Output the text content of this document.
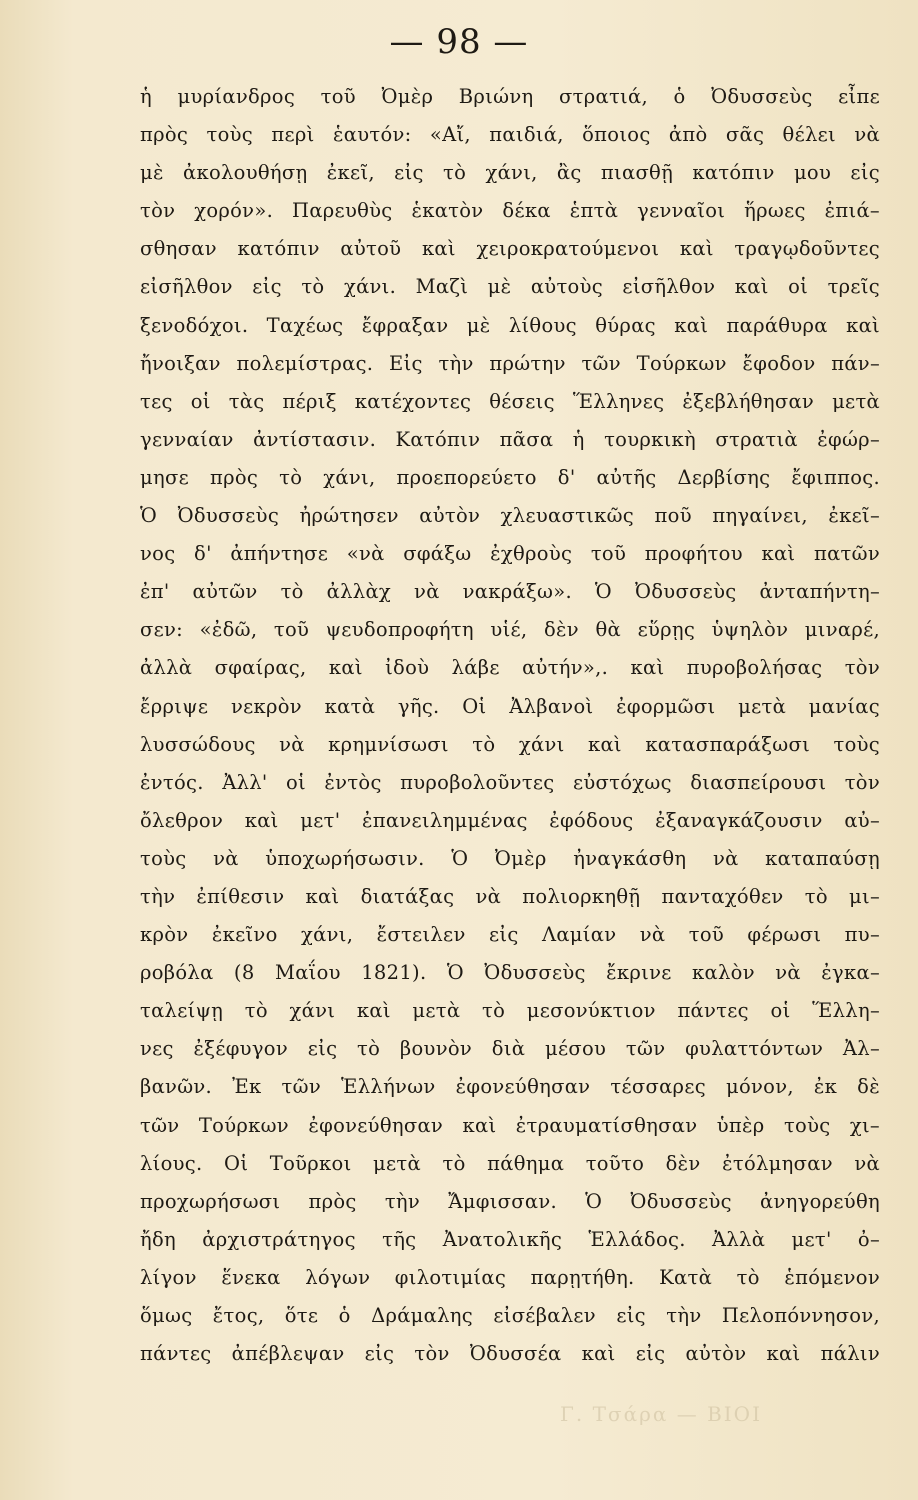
— 98 —
ἡ μυρίανδρος τοῦ Ὀμὲρ Βριώνη στρατιά, ὁ Ὀδυσσεὺς εἶπε
πρὸς τοὺς περὶ ἑαυτόν: «Αἴ, παιδιά, ὅποιος ἀπὸ σᾶς θέλει νὰ
μὲ ἀκολουθήσῃ ἐκεῖ, εἰς τὸ χάνι, ἂς πιασθῇ κατόπιν μου εἰς
τὸν χορόν». Παρευθὺς ἑκατὸν δέκα ἑπτὰ γενναῖοι ἥρωες ἐπιά–
σθησαν κατόπιν αὐτοῦ καὶ χειροκρατούμενοι καὶ τραγῳδοῦντες
εἰσῆλθον εἰς τὸ χάνι. Μαζὶ μὲ αὐτοὺς εἰσῆλθον καὶ οἱ τρεῖς
ξενοδόχοι. Ταχέως ἔφραξαν μὲ λίθους θύρας καὶ παράθυρα καὶ
ἤνοιξαν πολεμίστρας. Εἰς τὴν πρώτην τῶν Τούρκων ἔφοδον πάν–
τες οἱ τὰς πέριξ κατέχοντες θέσεις Ἕλληνες ἐξεβλήθησαν μετὰ
γενναίαν ἀντίστασιν. Κατόπιν πᾶσα ἡ τουρκικὴ στρατιὰ ἐφώρ–
μησε πρὸς τὸ χάνι, προεπορεύετο δ' αὐτῆς Δερβίσης ἔφιππος.
Ὁ Ὀδυσσεὺς ἠρώτησεν αὐτὸν χλευαστικῶς ποῦ πηγαίνει, ἐκεῖ–
νος δ' ἀπήντησε «νὰ σφάξω ἐχθροὺς τοῦ προφήτου καὶ πατῶν
ἐπ' αὐτῶν τὸ ἀλλὰχ νὰ νακράξω». Ὁ Ὀδυσσεὺς ἀνταπήντη–
σεν: «ἐδῶ, τοῦ ψευδοπροφήτη υἱέ, δὲν θὰ εὕρῃς ὑψηλὸν μιναρέ,
ἀλλὰ σφαίρας, καὶ ἰδοὺ λάβε αὐτήν»,. καὶ πυροβολήσας τὸν
ἔρριψε νεκρὸν κατὰ γῆς. Οἱ Ἀλβανοὶ ἐφορμῶσι μετὰ μανίας
λυσσώδους νὰ κρημνίσωσι τὸ χάνι καὶ κατασπαράξωσι τοὺς
ἐντός. Ἀλλ' οἱ ἐντὸς πυροβολοῦντες εὐστόχως διασπείρουσι τὸν
ὄλεθρον καὶ μετ' ἐπανειλημμένας ἐφόδους ἐξαναγκάζουσιν αὐ–
τοὺς νὰ ὑποχωρήσωσιν. Ὁ Ὀμὲρ ἠναγκάσθη νὰ καταπαύσῃ
τὴν ἐπίθεσιν καὶ διατάξας νὰ πολιορκηθῇ πανταχόθεν τὸ μι–
κρὸν ἐκεῖνο χάνι, ἔστειλεν εἰς Λαμίαν νὰ τοῦ φέρωσι πυ–
ροβόλα (8 Μαΐου 1821). Ὁ Ὀδυσσεὺς ἔκρινε καλὸν νὰ ἐγκα–
ταλείψῃ τὸ χάνι καὶ μετὰ τὸ μεσονύκτιον πάντες οἱ Ἕλλη–
νες ἐξέφυγον εἰς τὸ βουνὸν διὰ μέσου τῶν φυλαττόντων Ἀλ–
βανῶν. Ἐκ τῶν Ἑλλήνων ἐφονεύθησαν τέσσαρες μόνον, ἐκ δὲ
τῶν Τούρκων ἐφονεύθησαν καὶ ἐτραυματίσθησαν ὑπὲρ τοὺς χι–
λίους. Οἱ Τοῦρκοι μετὰ τὸ πάθημα τοῦτο δὲν ἐτόλμησαν νὰ
προχωρήσωσι πρὸς τὴν Ἄμφισσαν. Ὁ Ὀδυσσεὺς ἀνηγορεύθη
ἤδη ἀρχιστράτηγος τῆς Ἀνατολικῆς Ἑλλάδος. Ἀλλὰ μετ' ὀ–
λίγον ἕνεκα λόγων φιλοτιμίας παρῃτήθη. Κατὰ τὸ ἑπόμενον
ὅμως ἔτος, ὅτε ὁ Δράμαλης εἰσέβαλεν εἰς τὴν Πελοπόννησον,
πάντες ἀπέβλεψαν εἰς τὸν Ὀδυσσέα καὶ εἰς αὐτὸν καὶ πάλιν
Γ. Τσάρα — ΒΙΟΙ
